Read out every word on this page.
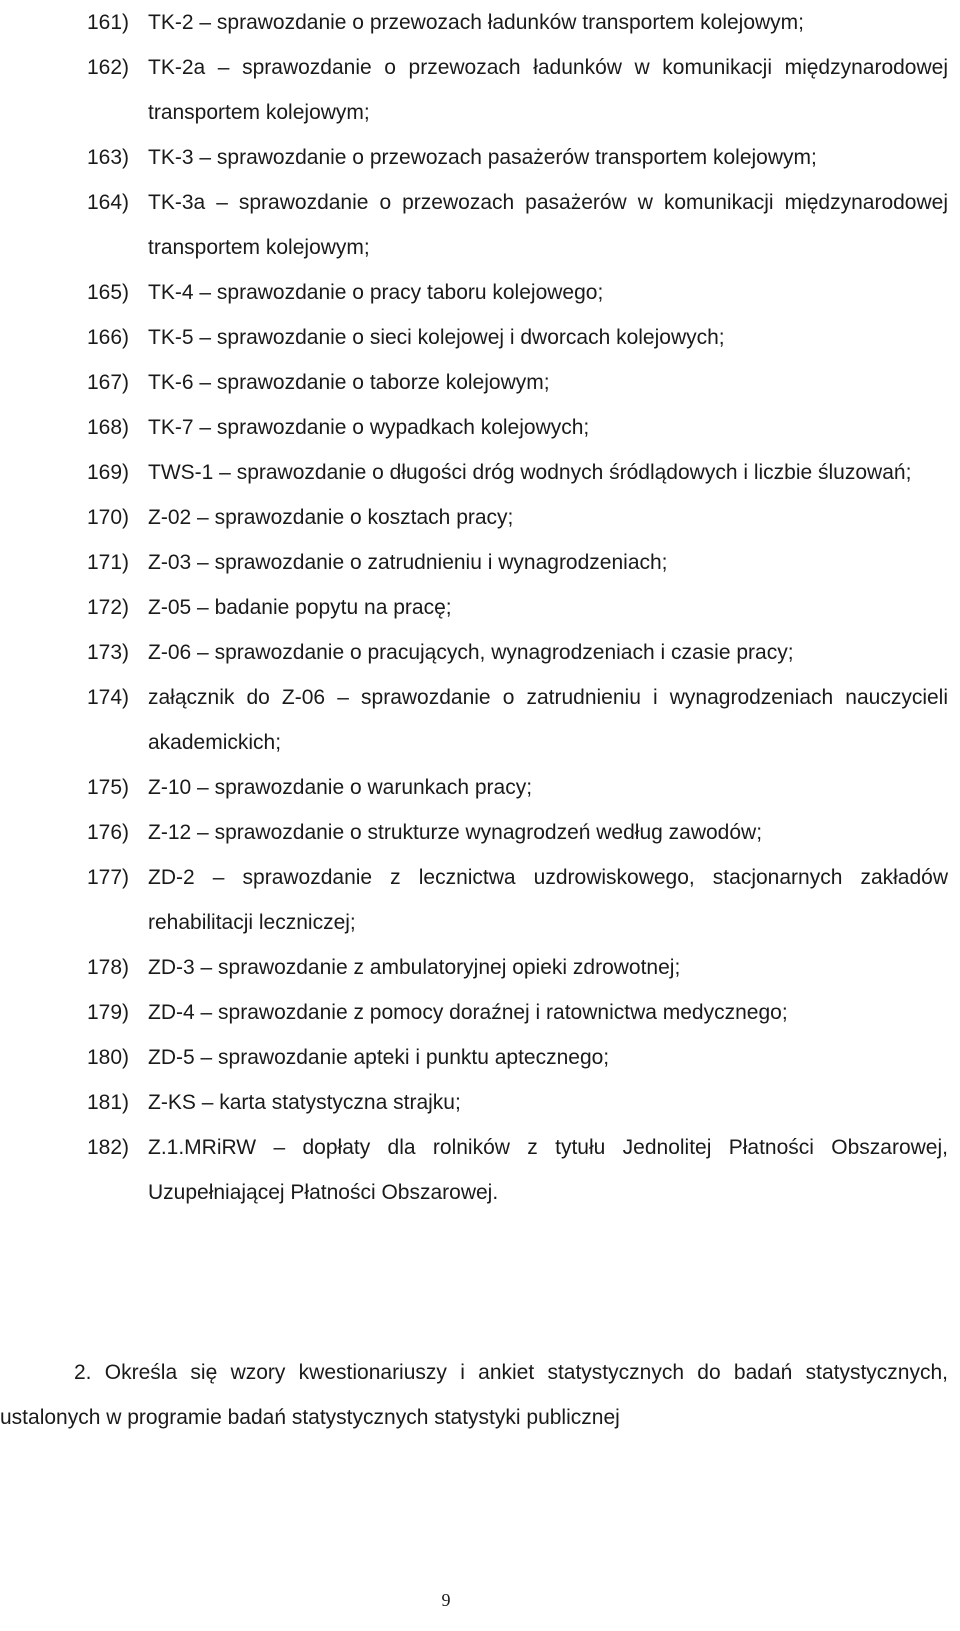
161) TK-2 – sprawozdanie o przewozach ładunków transportem kolejowym;
162) TK-2a – sprawozdanie o przewozach ładunków w komunikacji międzynarodowej transportem kolejowym;
163) TK-3 – sprawozdanie o przewozach pasażerów transportem kolejowym;
164) TK-3a – sprawozdanie o przewozach pasażerów w komunikacji międzynarodowej transportem kolejowym;
165) TK-4 – sprawozdanie o pracy taboru kolejowego;
166) TK-5 – sprawozdanie o sieci kolejowej i dworcach kolejowych;
167) TK-6 – sprawozdanie o taborze kolejowym;
168) TK-7 – sprawozdanie o wypadkach kolejowych;
169) TWS-1 – sprawozdanie o długości dróg wodnych śródlądowych i liczbie śluzowań;
170) Z-02 – sprawozdanie o kosztach pracy;
171) Z-03 – sprawozdanie o zatrudnieniu i wynagrodzeniach;
172) Z-05 – badanie popytu na pracę;
173) Z-06 – sprawozdanie o pracujących, wynagrodzeniach i czasie pracy;
174) załącznik do Z-06 – sprawozdanie o zatrudnieniu i wynagrodzeniach nauczycieli akademickich;
175) Z-10 – sprawozdanie o warunkach pracy;
176) Z-12 – sprawozdanie o strukturze wynagrodzeń według zawodów;
177) ZD-2 – sprawozdanie z lecznictwa uzdrowiskowego, stacjonarnych zakładów rehabilitacji leczniczej;
178) ZD-3 – sprawozdanie z ambulatoryjnej opieki zdrowotnej;
179) ZD-4 – sprawozdanie z pomocy doraźnej i ratownictwa medycznego;
180) ZD-5 – sprawozdanie apteki i punktu aptecznego;
181) Z-KS – karta statystyczna strajku;
182) Z.1.MRiRW – dopłaty dla rolników z tytułu Jednolitej Płatności Obszarowej, Uzupełniającej Płatności Obszarowej.
2. Określa się wzory kwestionariuszy i ankiet statystycznych do badań statystycznych, ustalonych w programie badań statystycznych statystyki publicznej
9
